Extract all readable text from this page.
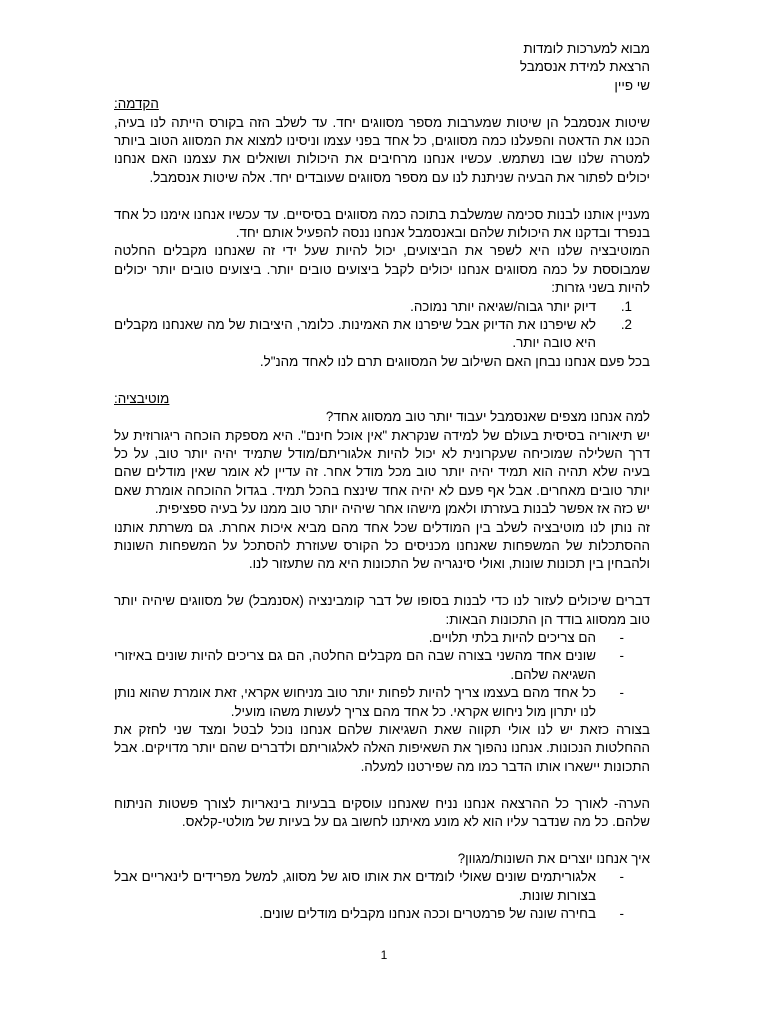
מבוא למערכות לומדות
הרצאת למידת אנסמבל
שי פיין
הקדמה:

שיטות אנסמבל הן שיטות שמערבות מספר מסווגים יחד. עד לשלב הזה בקורס הייתה לנו בעיה, הכנו את הדאטה והפעלנו כמה מסווגים, כל אחד בפני עצמו וניסינו למצוא את המסווג הטוב ביותר למטרה שלנו שבו נשתמש. עכשיו אנחנו מרחיבים את היכולות ושואלים את עצמנו האם אנחנו יכולים לפתור את הבעיה שניתנת לנו עם מספר מסווגים שעובדים יחד. אלה שיטות אנסמבל.

מעניין אותנו לבנות סכימה שמשלבת בתוכה כמה מסווגים בסיסיים. עד עכשיו אנחנו אימנו כל אחד בנפרד ובדקנו את היכולות שלהם ובאנסמבל אנחנו ננסה להפעיל אותם יחד.

המוטיבציה שלנו היא לשפר את הביצועים, יכול להיות שעל ידי זה שאנחנו מקבלים החלטה שמבוססת על כמה מסווגים אנחנו יכולים לקבל ביצועים טובים יותר. ביצועים טובים יותר יכולים להיות בשני גזרות:

1.
דיוק יותר גבוה/שגיאה יותר נמוכה.
2.
לא שיפרנו את הדיוק אבל שיפרנו את האמינות. כלומר, היציבות של מה שאנחנו מקבלים היא טובה יותר.

בכל פעם אנחנו נבחן האם השילוב של המסווגים תרם לנו לאחד מהנ"ל.

מוטיבציה:

למה אנחנו מצפים שאנסמבל יעבוד יותר טוב ממסווג אחד?

יש תיאוריה בסיסית בעולם של למידה שנקראת "אין אוכל חינם". היא מספקת הוכחה ריגורוזית על דרך השלילה שמוכיחה שעקרונית לא יכול להיות אלגוריתם/מודל שתמיד יהיה יותר טוב, על כל בעיה שלא תהיה הוא תמיד יהיה יותר טוב מכל מודל אחר. זה עדיין לא אומר שאין מודלים שהם יותר טובים מאחרים. אבל אף פעם לא יהיה אחד שינצח בהכל תמיד. בגדול ההוכחה אומרת שאם יש כזה אז אפשר לבנות בעזרתו ולאמן מישהו אחר שיהיה יותר טוב ממנו על בעיה ספציפית.

זה נותן לנו מוטיבציה לשלב בין המודלים שכל אחד מהם מביא איכות אחרת. גם משרתת אותנו ההסתכלות של המשפחות שאנחנו מכניסים כל הקורס שעוזרת להסתכל על המשפחות השונות ולהבחין בין תכונות שונות, ואולי סינגריה של התכונות היא מה שתעזור לנו.

דברים שיכולים לעזור לנו כדי לבנות בסופו של דבר קומבינציה (אסנמבל) של מסווגים שיהיה יותר טוב ממסווג בודד הן התכונות הבאות:

-
הם צריכים להיות בלתי תלויים.
-
שונים אחד מהשני בצורה שבה הם מקבלים החלטה, הם גם צריכים להיות שונים באיזורי השגיאה שלהם.
-
כל אחד מהם בעצמו צריך להיות לפחות יותר טוב מניחוש אקראי, זאת אומרת שהוא נותן לנו יתרון מול ניחוש אקראי. כל אחד מהם צריך לעשות משהו מועיל.

בצורה כזאת יש לנו אולי תקווה שאת השגיאות שלהם אנחנו נוכל לבטל ומצד שני לחזק את ההחלטות הנכונות. אנחנו נהפוך את השאיפות האלה לאלגוריתם ולדברים שהם יותר מדויקים. אבל התכונות יישארו אותו הדבר כמו מה שפירטנו למעלה.

הערה- לאורך כל ההרצאה אנחנו נניח שאנחנו עוסקים בבעיות בינאריות לצורך פשטות הניתוח שלהם. כל מה שנדבר עליו הוא לא מונע מאיתנו לחשוב גם על בעיות של מולטי-קלאס.

איך אנחנו יוצרים את השונות/מגוון?

-
אלגוריתמים שונים שאולי לומדים את אותו סוג של מסווג, למשל מפרידים לינאריים אבל בצורות שונות.
-
בחירה שונה של פרמטרים וככה אנחנו מקבלים מודלים שונים.
1
